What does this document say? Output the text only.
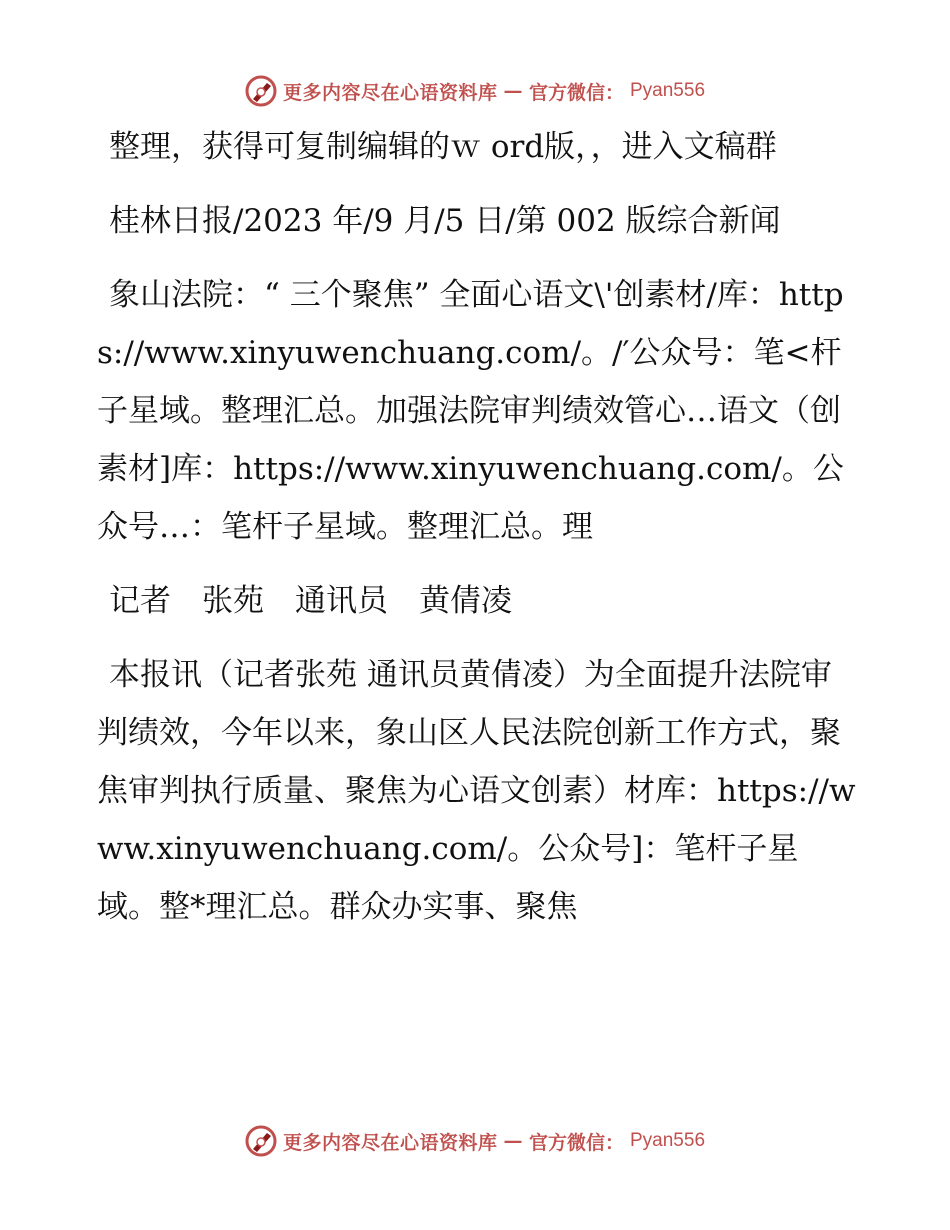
更多内容尽在心语资料库 — 官方微信： Pyan556

整理，获得可复制编辑的ｗ ord版，，进入文稿群

桂林日报/2023 年/9 月/5 日/第 002 版综合新闻

象山法院：“ 三个聚焦” 全面心语文\'创素材/库：https://www.xinyuwenchuang.com/。/′公众号：笔<杆子星域。整理汇总。加强法院审判绩效管心…语文（创素材]库：https://www.xinyuwenchuang.com/。公众号…：笔杆子星域。整理汇总。理

记者　张苑　通讯员　黄倩凌

本报讯（记者张苑 通讯员黄倩凌）为全面提升法院审判绩效，今年以来，象山区人民法院创新工作方式，聚焦审判执行质量、聚焦为心语文创素）材库：https://www.xinyuwenchuang.com/。公众号]：笔杆子星域。整*理汇总。群众办实事、聚焦

更多内容尽在心语资料库 — 官方微信： Pyan556
